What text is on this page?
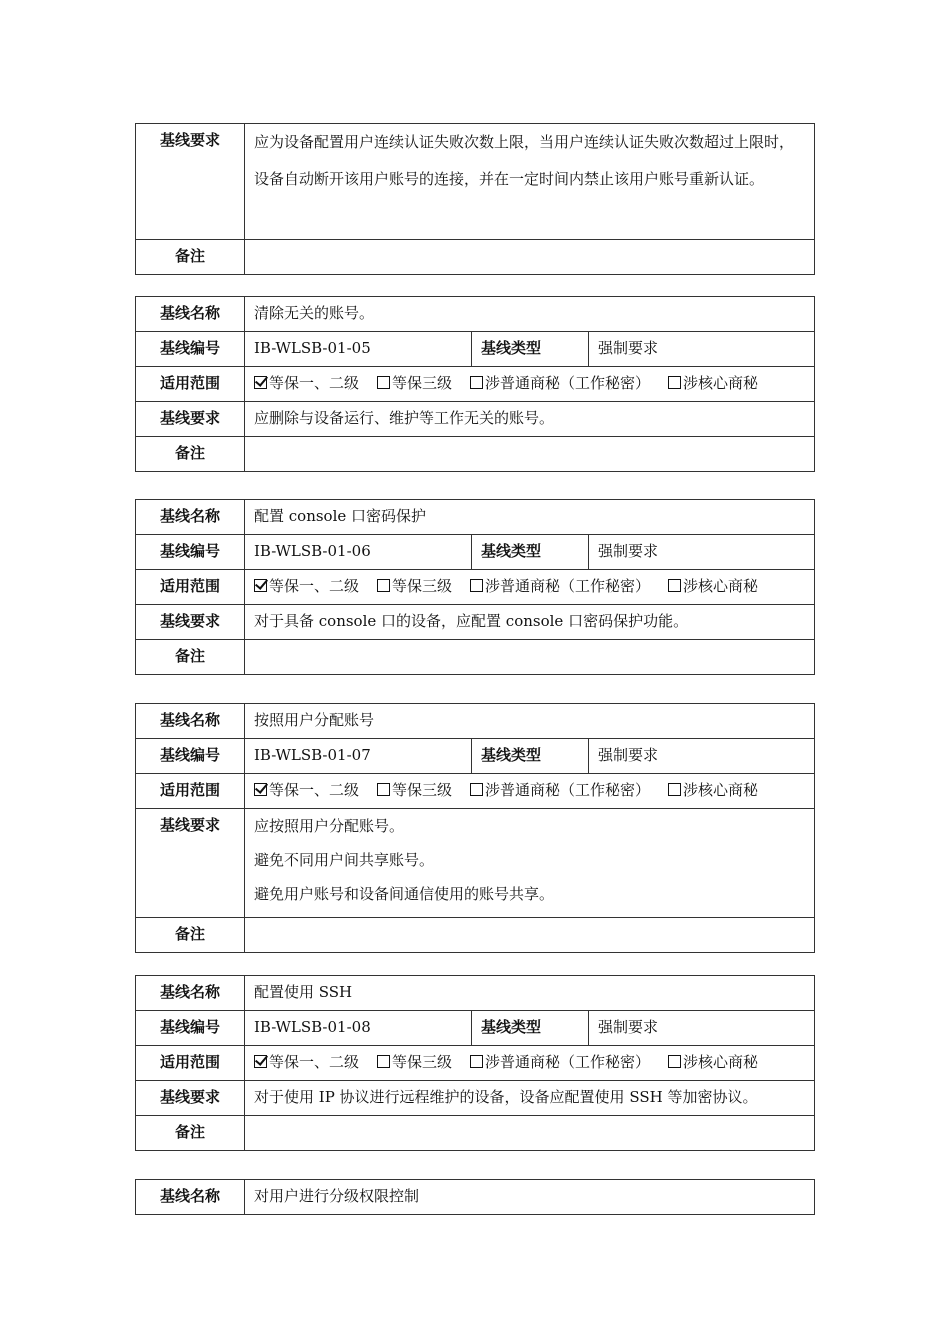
基线要求	应为设备配置用户连续认证失败次数上限，当用户连续认证失败次数超过上限时，设备自动断开该用户账号的连接，并在一定时间内禁止该用户账号重新认证。
备注	
基线名称	清除无关的账号。		
基线编号	IB-WLSB-01-05	基线类型	强制要求
适用范围	等保一、二级 等保三级 涉普通商秘（工作秘密） 涉核心商秘		
基线要求	应删除与设备运行、维护等工作无关的账号。		
备注			
基线名称	配置 console 口密码保护		
基线编号	IB-WLSB-01-06	基线类型	强制要求
适用范围	等保一、二级 等保三级 涉普通商秘（工作秘密） 涉核心商秘		
基线要求	对于具备 console 口的设备，应配置 console 口密码保护功能。		
备注			
基线名称	按照用户分配账号		
基线编号	IB-WLSB-01-07	基线类型	强制要求
适用范围	等保一、二级 等保三级 涉普通商秘（工作秘密） 涉核心商秘		
基线要求	应按照用户分配账号。
避免不同用户间共享账号。
避免用户账号和设备间通信使用的账号共享。		

备注			
基线名称	配置使用 SSH		
基线编号	IB-WLSB-01-08	基线类型	强制要求
适用范围	等保一、二级 等保三级 涉普通商秘（工作秘密） 涉核心商秘		
基线要求	对于使用 IP 协议进行远程维护的设备，设备应配置使用 SSH 等加密协议。		
备注			
基线名称	对用户进行分级权限控制
